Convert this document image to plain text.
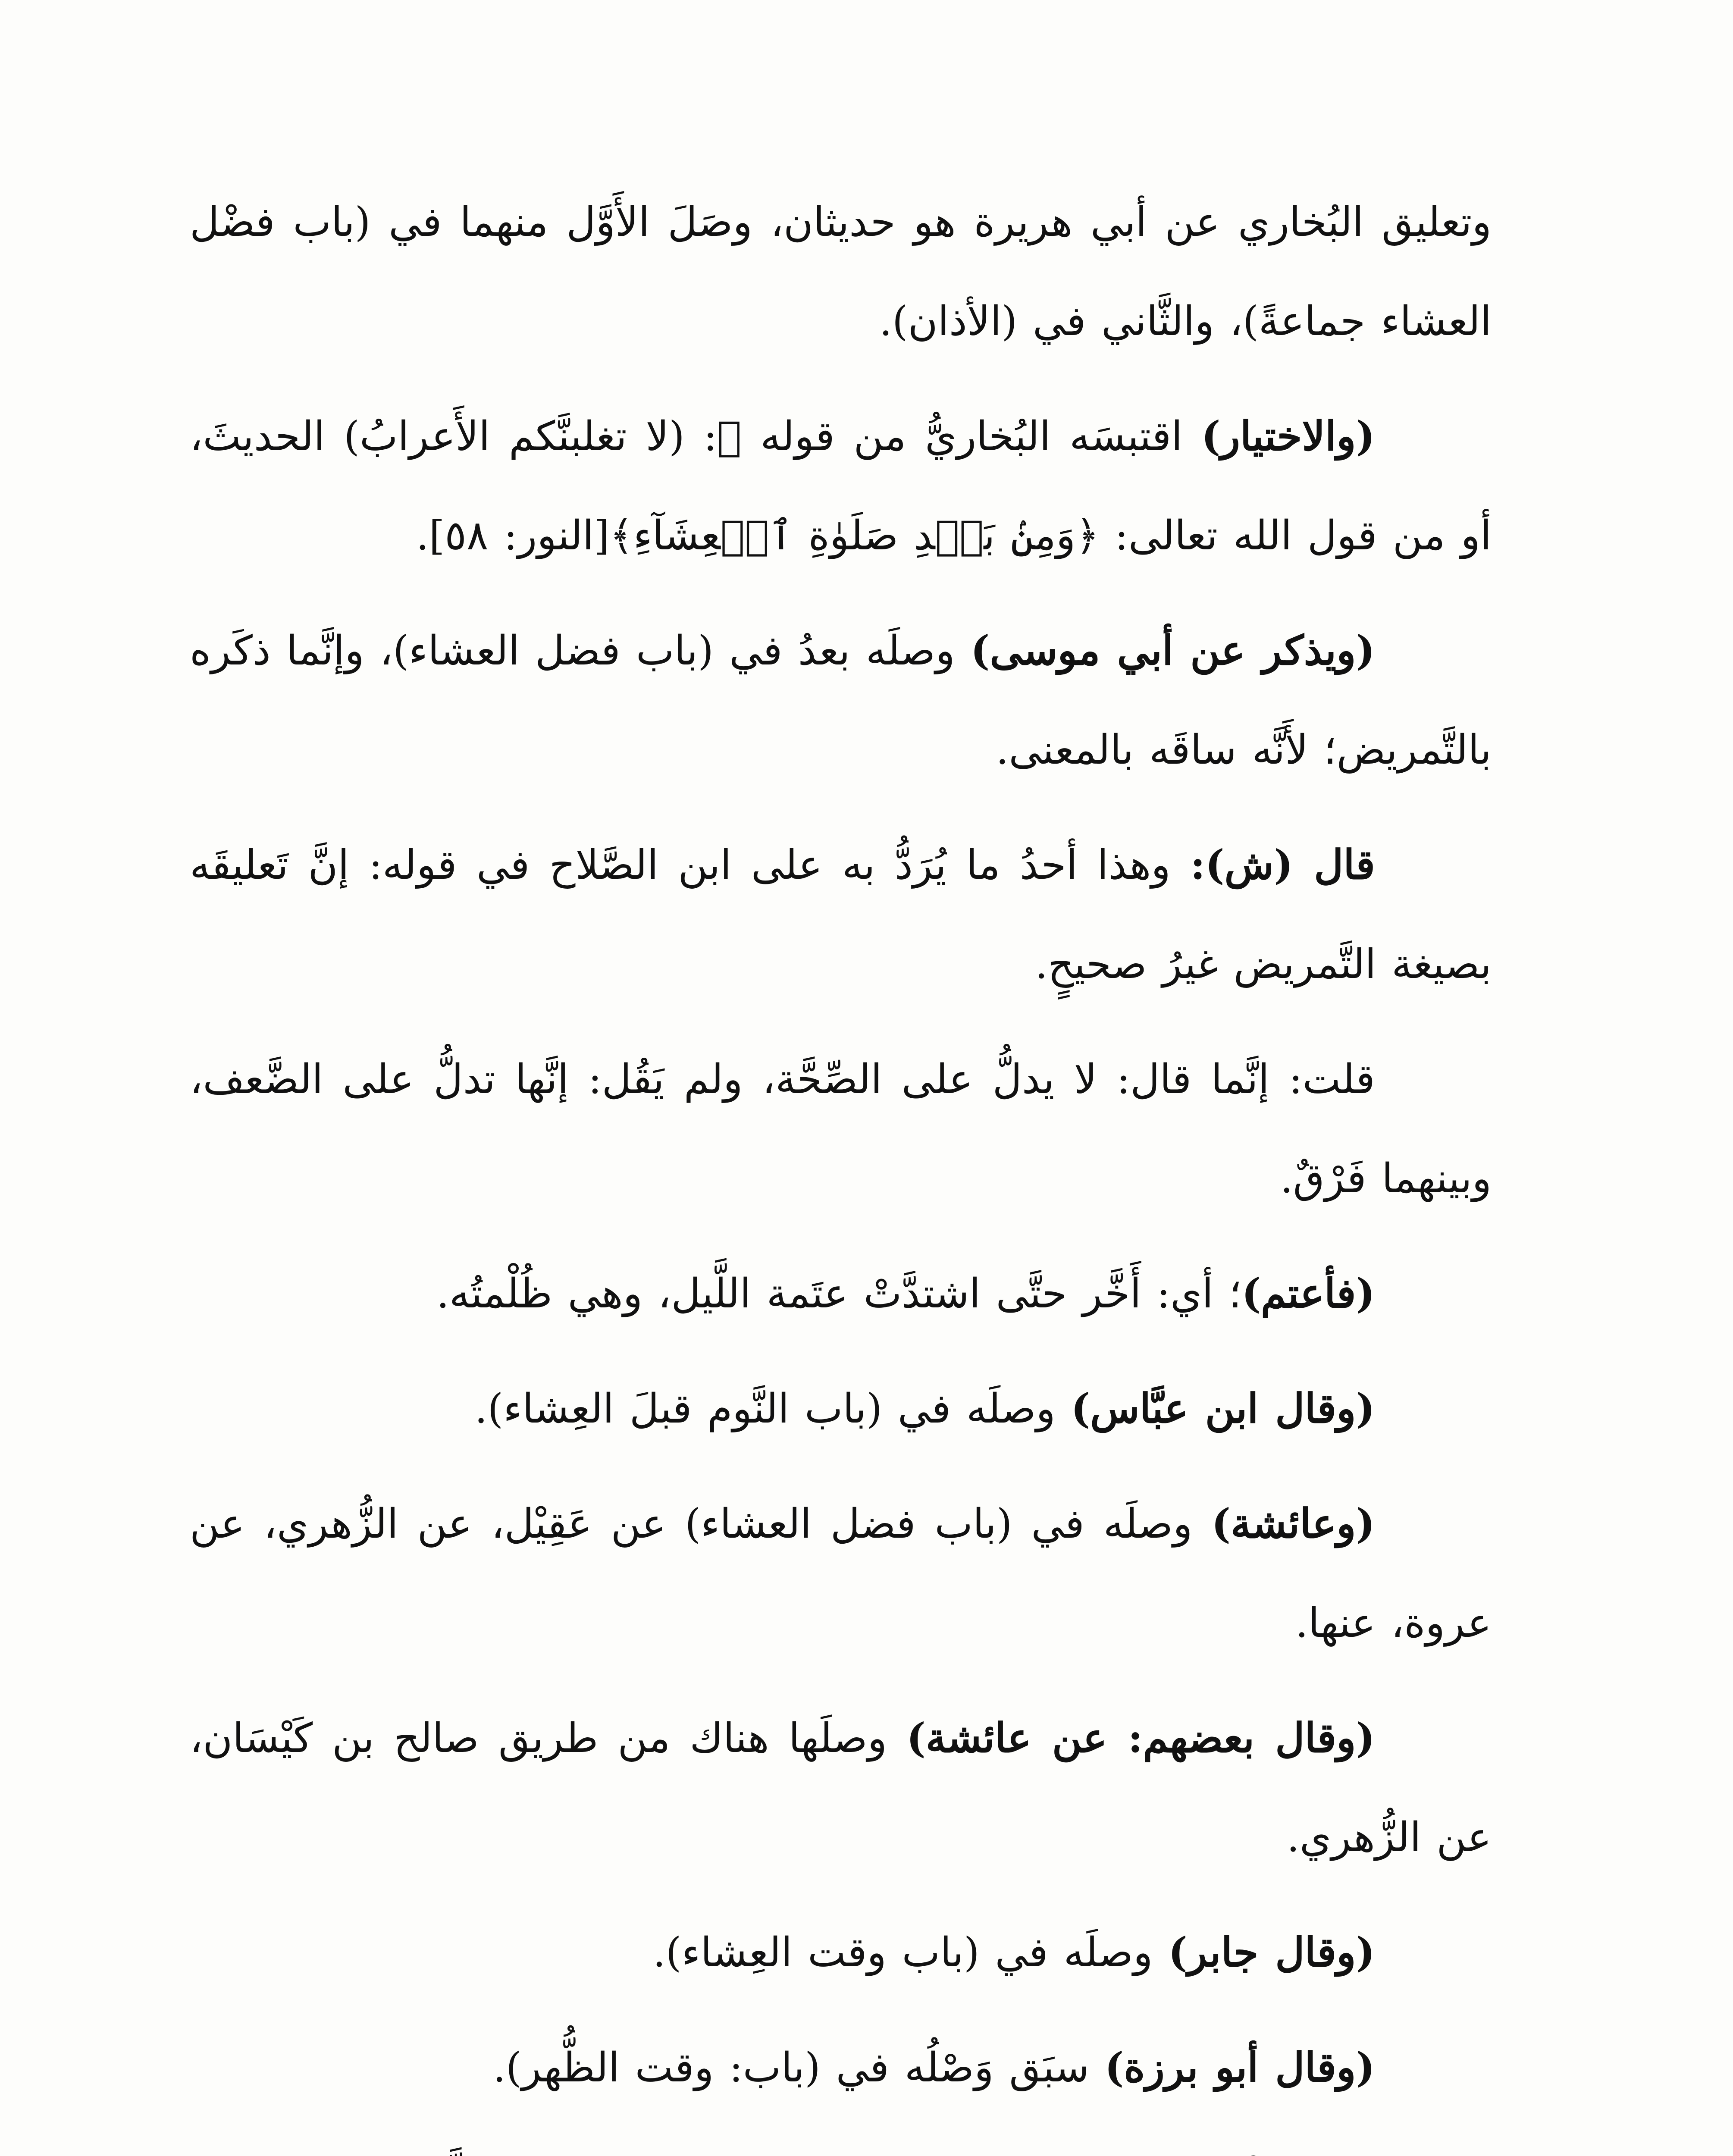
وتعليق البُخاري عن أبي هريرة هو حديثان، وصَلَ الأَوَّل منهما في (باب فضْل العشاء جماعةً)، والثَّاني في (الأذان).

(والاختيار) اقتبسَه البُخاريُّ من قوله ﷺ: (لا تغلبنَّكم الأَعرابُ) الحديثَ، أو من قول الله تعالى: ﴿وَمِنۢ بَعۡدِ صَلَوٰةِ ٱلۡعِشَآءِ﴾[النور: ٥٨].

(ويذكر عن أبي موسى) وصلَه بعدُ في (باب فضل العشاء)، وإنَّما ذكَره بالتَّمريض؛ لأَنَّه ساقَه بالمعنى.

قال (ش): وهذا أحدُ ما يُرَدُّ به على ابن الصَّلاح في قوله: إنَّ تَعليقَه بصيغة التَّمريض غيرُ صحيحٍ.

قلت: إنَّما قال: لا يدلُّ على الصِّحَّة، ولم يَقُل: إنَّها تدلُّ على الضَّعف، وبينهما فَرْقٌ.

(فأعتم)؛ أي: أَخَّر حتَّى اشتدَّتْ عتَمة اللَّيل، وهي ظُلْمتُه.

(وقال ابن عبَّاس) وصلَه في (باب النَّوم قبلَ العِشاء).

(وعائشة) وصلَه في (باب فضل العشاء) عن عَقِيْل، عن الزُّهري، عن عروة، عنها.

(وقال بعضهم: عن عائشة) وصلَها هناك من طريق صالح بن كَيْسَان، عن الزُّهري.

(وقال جابر) وصلَه في (باب وقت العِشاء).

(وقال أبو برزة) سبَق وَصْلُه في (باب: وقت الظُّهر).
